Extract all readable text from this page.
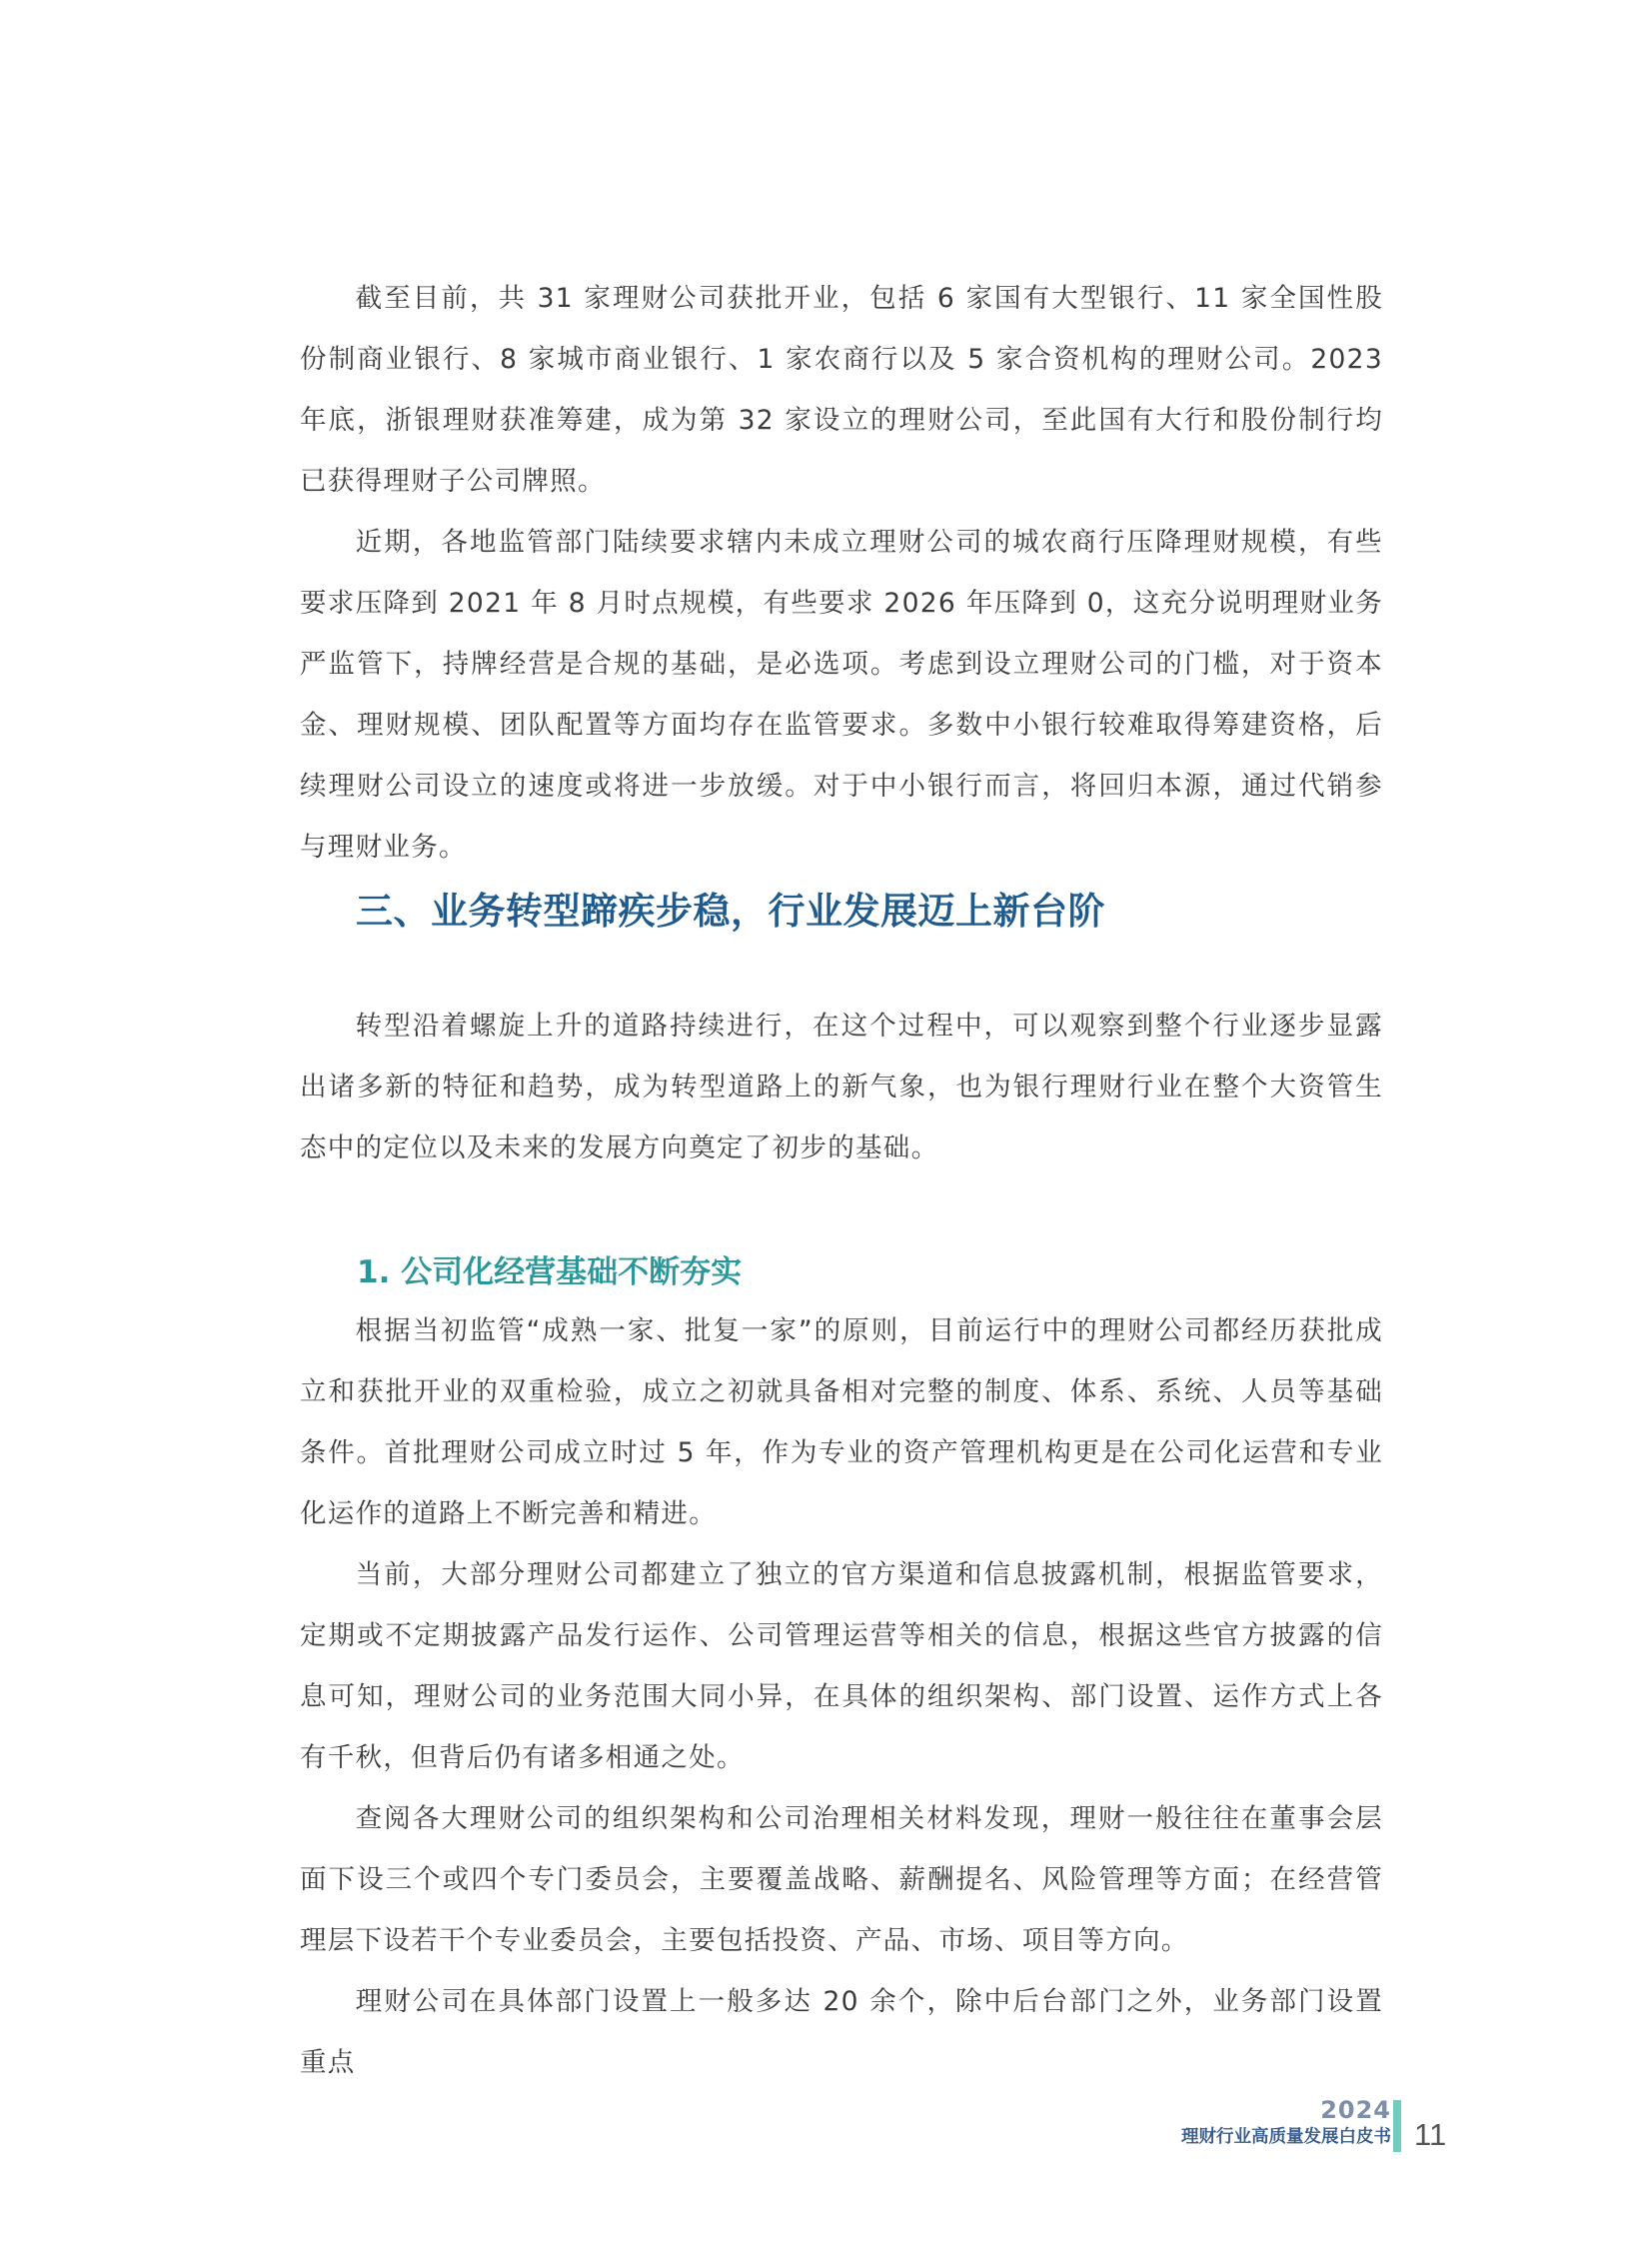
截至目前，共 31 家理财公司获批开业，包括 6 家国有大型银行、11 家全国性股份制商业银行、8 家城市商业银行、1 家农商行以及 5 家合资机构的理财公司。2023 年底，浙银理财获准筹建，成为第 32 家设立的理财公司，至此国有大行和股份制行均已获得理财子公司牌照。

近期，各地监管部门陆续要求辖内未成立理财公司的城农商行压降理财规模，有些要求压降到 2021 年 8 月时点规模，有些要求 2026 年压降到 0，这充分说明理财业务严监管下，持牌经营是合规的基础，是必选项。考虑到设立理财公司的门槛，对于资本金、理财规模、团队配置等方面均存在监管要求。多数中小银行较难取得筹建资格，后续理财公司设立的速度或将进一步放缓。对于中小银行而言，将回归本源，通过代销参与理财业务。

三、业务转型蹄疾步稳，行业发展迈上新台阶

转型沿着螺旋上升的道路持续进行，在这个过程中，可以观察到整个行业逐步显露出诸多新的特征和趋势，成为转型道路上的新气象，也为银行理财行业在整个大资管生态中的定位以及未来的发展方向奠定了初步的基础。

1. 公司化经营基础不断夯实

根据当初监管“成熟一家、批复一家”的原则，目前运行中的理财公司都经历获批成立和获批开业的双重检验，成立之初就具备相对完整的制度、体系、系统、人员等基础条件。首批理财公司成立时过 5 年，作为专业的资产管理机构更是在公司化运营和专业化运作的道路上不断完善和精进。

当前，大部分理财公司都建立了独立的官方渠道和信息披露机制，根据监管要求，定期或不定期披露产品发行运作、公司管理运营等相关的信息，根据这些官方披露的信息可知，理财公司的业务范围大同小异，在具体的组织架构、部门设置、运作方式上各有千秋，但背后仍有诸多相通之处。

查阅各大理财公司的组织架构和公司治理相关材料发现，理财一般往往在董事会层面下设三个或四个专门委员会，主要覆盖战略、薪酬提名、风险管理等方面；在经营管理层下设若干个专业委员会，主要包括投资、产品、市场、项目等方向。

理财公司在具体部门设置上一般多达 20 余个，除中后台部门之外，业务部门设置重点

2024
理财行业高质量发展白皮书 11
